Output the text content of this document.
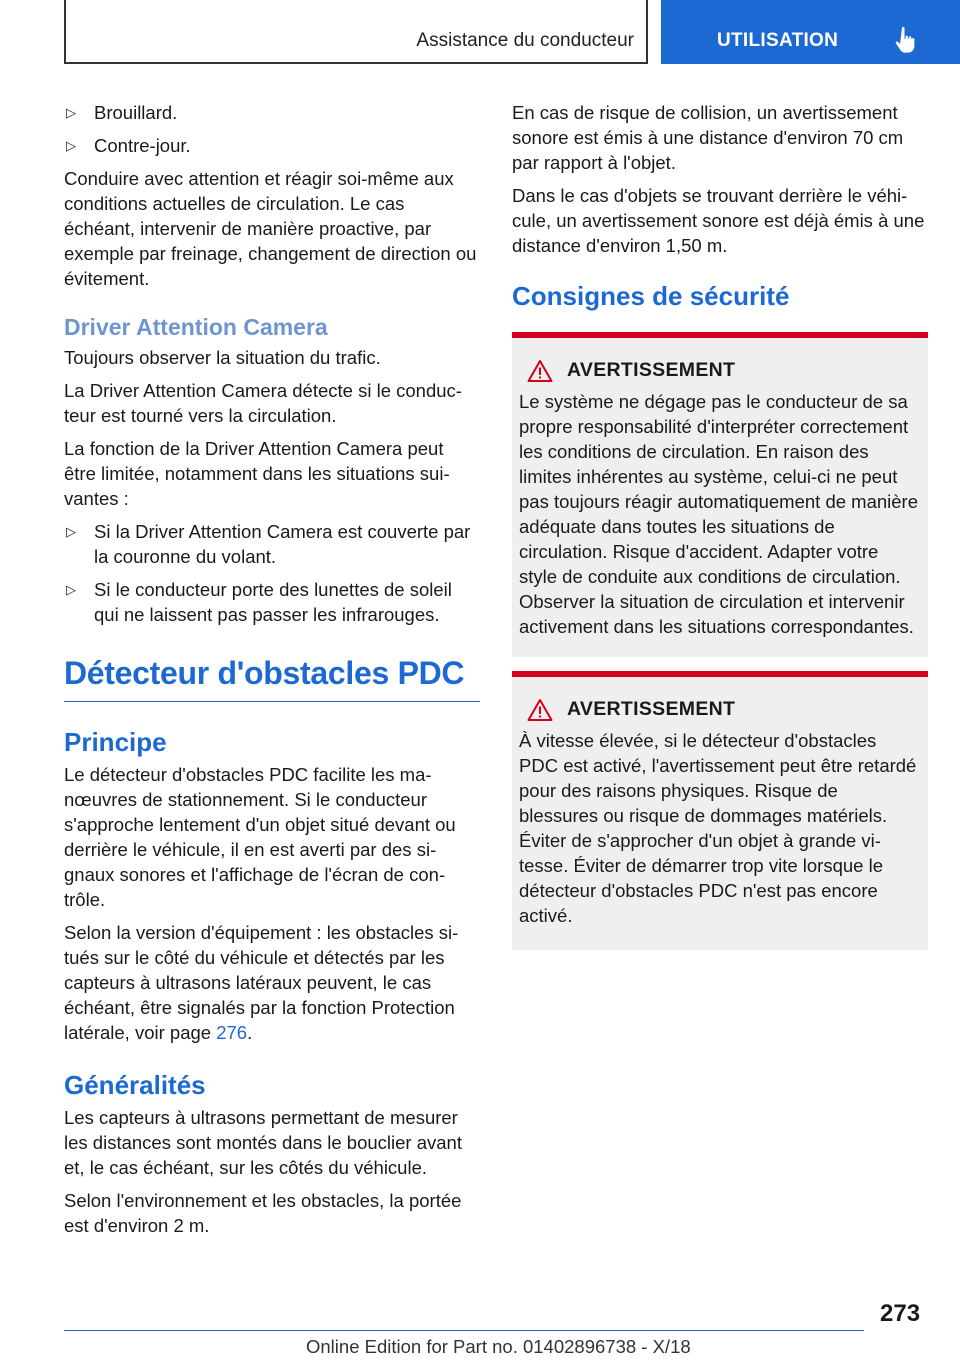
Assistance du conducteur	UTILISATION
▷ Brouillard.
▷ Contre-jour.

Conduire avec attention et réagir soi-même aux conditions actuelles de circulation. Le cas échéant, intervenir de manière proactive, par exemple par freinage, changement de direction ou évitement.

Driver Attention Camera

Toujours observer la situation du trafic.

La Driver Attention Camera détecte si le conducteur est tourné vers la circulation.

La fonction de la Driver Attention Camera peut être limitée, notamment dans les situations suivantes :

▷ Si la Driver Attention Camera est couverte par la couronne du volant.
▷ Si le conducteur porte des lunettes de soleil qui ne laissent pas passer les infrarouges.
Détecteur d'obstacles PDC
Principe

Le détecteur d'obstacles PDC facilite les manœuvres de stationnement. Si le conducteur s'approche lentement d'un objet situé devant ou derrière le véhicule, il en est averti par des signaux sonores et l'affichage de l'écran de contrôle.

Selon la version d'équipement : les obstacles situés sur le côté du véhicule et détectés par les capteurs à ultrasons latéraux peuvent, le cas échéant, être signalés par la fonction Protection latérale, voir page 276.

Généralités

Les capteurs à ultrasons permettant de mesurer les distances sont montés dans le bouclier avant et, le cas échéant, sur les côtés du véhicule.

Selon l'environnement et les obstacles, la portée est d'environ 2 m.

En cas de risque de collision, un avertissement sonore est émis à une distance d'environ 70 cm par rapport à l'objet.

Dans le cas d'objets se trouvant derrière le véhicule, un avertissement sonore est déjà émis à une distance d'environ 1,50 m.

Consignes de sécurité
AVERTISSEMENT

Le système ne dégage pas le conducteur de sa propre responsabilité d'interpréter correctement les conditions de circulation. En raison des limites inhérentes au système, celui-ci ne peut pas toujours réagir automatiquement de manière adéquate dans toutes les situations de circulation. Risque d'accident. Adapter votre style de conduite aux conditions de circulation. Observer la situation de circulation et intervenir activement dans les situations correspondantes.

AVERTISSEMENT

À vitesse élevée, si le détecteur d'obstacles PDC est activé, l'avertissement peut être retardé pour des raisons physiques. Risque de blessures ou risque de dommages matériels. Éviter de s'approcher d'un objet à grande vitesse. Éviter de démarrer trop vite lorsque le détecteur d'obstacles PDC n'est pas encore activé.

273
Online Edition for Part no. 01402896738 - X/18
